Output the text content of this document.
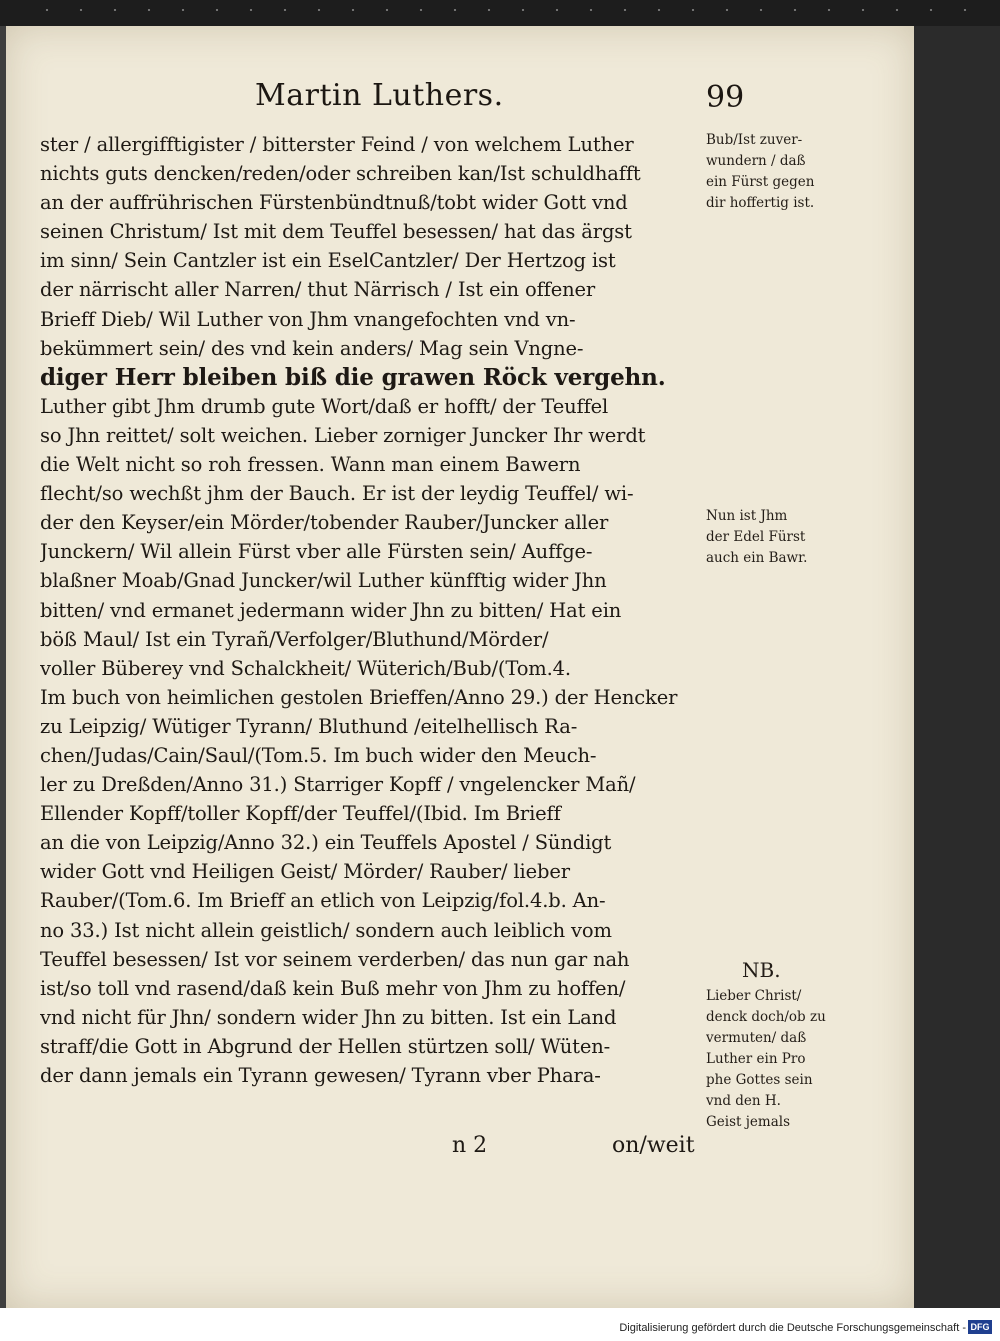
Martin Luthers.	99
ster / allergifftigister / bitterster Feind / von welchem Luther
nichts guts dencken/reden/oder schreiben kan/Ist schuldhafft
an der auffrührischen Fürstenbündtnuß/tobt wider Gott vnd
seinen Christum/ Ist mit dem Teuffel besessen/ hat das ärgst
im sinn/ Sein Cantzler ist ein EselCantzler/ Der Hertzog ist
der närrischt aller Narren/ thut Närrisch / Ist ein offener
Brieff Dieb/ Wil Luther von Jhm vnangefochten vnd vn-
bekümmert sein/ des vnd kein anders/ Mag sein Vngne-
diger Herr bleiben biß die grawen Röck vergehn.
Luther gibt Jhm drumb gute Wort/daß er hofft/ der Teuffel
so Jhn reittet/ solt weichen. Lieber zorniger Juncker Ihr werdt
die Welt nicht so roh fressen. Wann man einem Bawern
flecht/so wechßt jhm der Bauch. Er ist der leydig Teuffel/ wi-
der den Keyser/ein Mörder/tobender Rauber/Juncker aller
Junckern/ Wil allein Fürst vber alle Fürsten sein/ Auffge-
blaßner Moab/Gnad Juncker/wil Luther künfftig wider Jhn
bitten/ vnd ermanet jedermann wider Jhn zu bitten/ Hat ein
böß Maul/ Ist ein Tyrañ/Verfolger/Bluthund/Mörder/
voller Büberey vnd Schalckheit/ Wüterich/Bub/(Tom.4.
Im buch von heimlichen gestolen Brieffen/Anno 29.) der Hencker
zu Leipzig/ Wütiger Tyrann/ Bluthund /eitelhellisch Ra-
chen/Judas/Cain/Saul/(Tom.5. Im buch wider den Meuch-
ler zu Dreßden/Anno 31.) Starriger Kopff / vngelencker Mañ/
Ellender Kopff/toller Kopff/der Teuffel/(Ibid. Im Brieff
an die von Leipzig/Anno 32.) ein Teuffels Apostel / Sündigt
wider Gott vnd Heiligen Geist/ Mörder/ Rauber/ lieber
Rauber/(Tom.6. Im Brieff an etlich von Leipzig/fol.4.b. An-
no 33.) Ist nicht allein geistlich/ sondern auch leiblich vom
Teuffel besessen/ Ist vor seinem verderben/ das nun gar nah
ist/so toll vnd rasend/daß kein Buß mehr von Jhm zu hoffen/
vnd nicht für Jhn/ sondern wider Jhn zu bitten. Ist ein Land
straff/die Gott in Abgrund der Hellen stürtzen soll/ Wüten-
der dann jemals ein Tyrann gewesen/ Tyrann vber Phara-
Bub/Ist zuver-
wundern / daß
ein Fürst gegen
dir hoffertig ist.
Nun ist Jhm
der Edel Fürst
auch ein Bawr.
NB.
Lieber Christ/
denck doch/ob zu
vermuten/ daß
Luther ein Pro
phe Gottes sein
vnd den H.
Geist jemals
n 2	on/weit
Digitalisierung gefördert durch die Deutsche Forschungsgemeinschaft - DFG
